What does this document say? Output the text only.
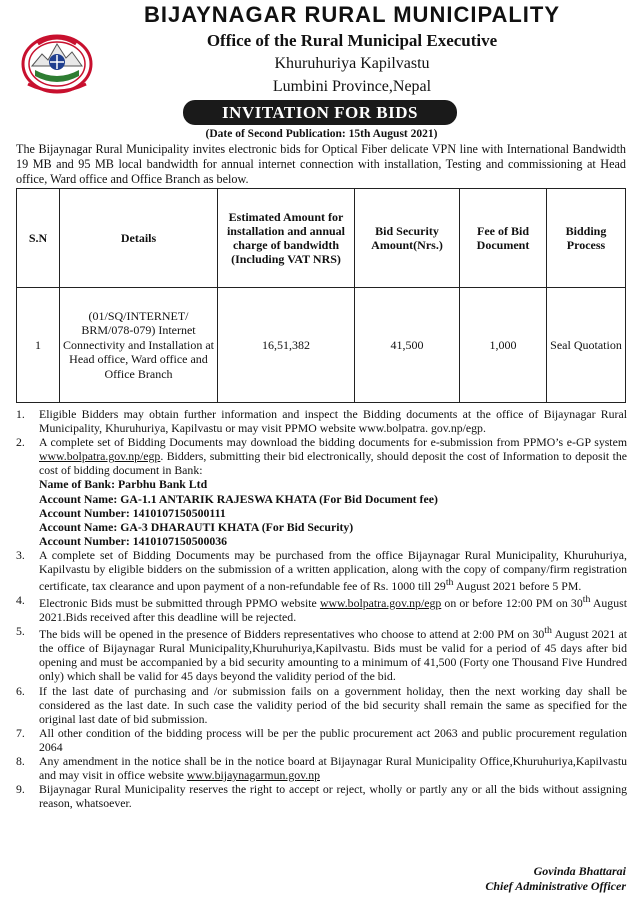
BIJAYNAGAR RURAL MUNICIPALITY
Office of the Rural Municipal Executive
Khuruhuriya Kapilvastu
Lumbini Province,Nepal
INVITATION FOR BIDS
(Date of Second Publication: 15th August 2021)
The Bijaynagar Rural Municipality invites electronic bids for Optical Fiber delicate VPN line with International Bandwidth 19 MB and 95 MB local bandwidth for annual internet connection with installation, Testing and commissioning at Head office, Ward office and Office Branch as below.
S.N	Details	Estimated Amount for installation and annual charge of bandwidth (Including VAT NRS)	Bid Security Amount(Nrs.)	Fee of Bid Document	Bidding Process
1	(01/SQ/INTERNET/ BRM/078-079) Internet Connectivity and Installation at Head office, Ward office and Office Branch	16,51,382	41,500	1,000	Seal Quotation

1. Eligible Bidders may obtain further information and inspect the Bidding documents at the office of Bijaynagar Rural Municipality, Khuruhuriya, Kapilvastu or may visit PPMO website www.bolpatra. gov.np/egp.

2. A complete set of Bidding Documents may download the bidding documents for e-submission from PPMO’s e-GP system www.bolpatra.gov.np/egp. Bidders, submitting their bid electronically, should deposit the cost of Information to deposit the cost of bidding document in Bank:
Name of Bank: Parbhu Bank Ltd
Account Name: GA-1.1 ANTARIK RAJESWA KHATA (For Bid Document fee)
Account Number: 1410107150500111
Account Name: GA-3 DHARAUTI KHATA (For Bid Security)
Account Number: 1410107150500036

3. A complete set of Bidding Documents may be purchased from the office Bijaynagar Rural Municipality, Khuruhuriya, Kapilvastu by eligible bidders on the submission of a written application, along with the copy of company/firm registration certificate, tax clearance and upon payment of a non-refundable fee of Rs. 1000 till 29th August 2021 before 5 PM.

4. Electronic Bids must be submitted through PPMO website www.bolpatra.gov.np/egp on or before 12:00 PM on 30th August 2021.Bids received after this deadline will be rejected.

5. The bids will be opened in the presence of Bidders representatives who choose to attend at 2:00 PM on 30th August 2021 at the office of Bijaynagar Rural Municipality,Khuruhuriya,Kapilvastu. Bids must be valid for a period of 45 days after bid opening and must be accompanied by a bid security amounting to a minimum of 41,500 (Forty one Thousand Five Hundred only) which shall be valid for 45 days beyond the validity period of the bid.

6. If the last date of purchasing and /or submission fails on a government holiday, then the next working day shall be considered as the last date. In such case the validity period of the bid security shall remain the same as specified for the original last date of bid submission.

7. All other condition of the bidding process will be per the public procurement act 2063 and public procurement regulation 2064

8. Any amendment in the notice shall be in the notice board at Bijaynagar Rural Municipality Office,Khuruhuriya,Kapilvastu and may visit in office website www.bijaynagarmun.gov.np

9. Bijaynagar Rural Municipality reserves the right to accept or reject, wholly or partly any or all the bids without assigning reason, whatsoever.

Govinda Bhattarai
Chief Administrative Officer
